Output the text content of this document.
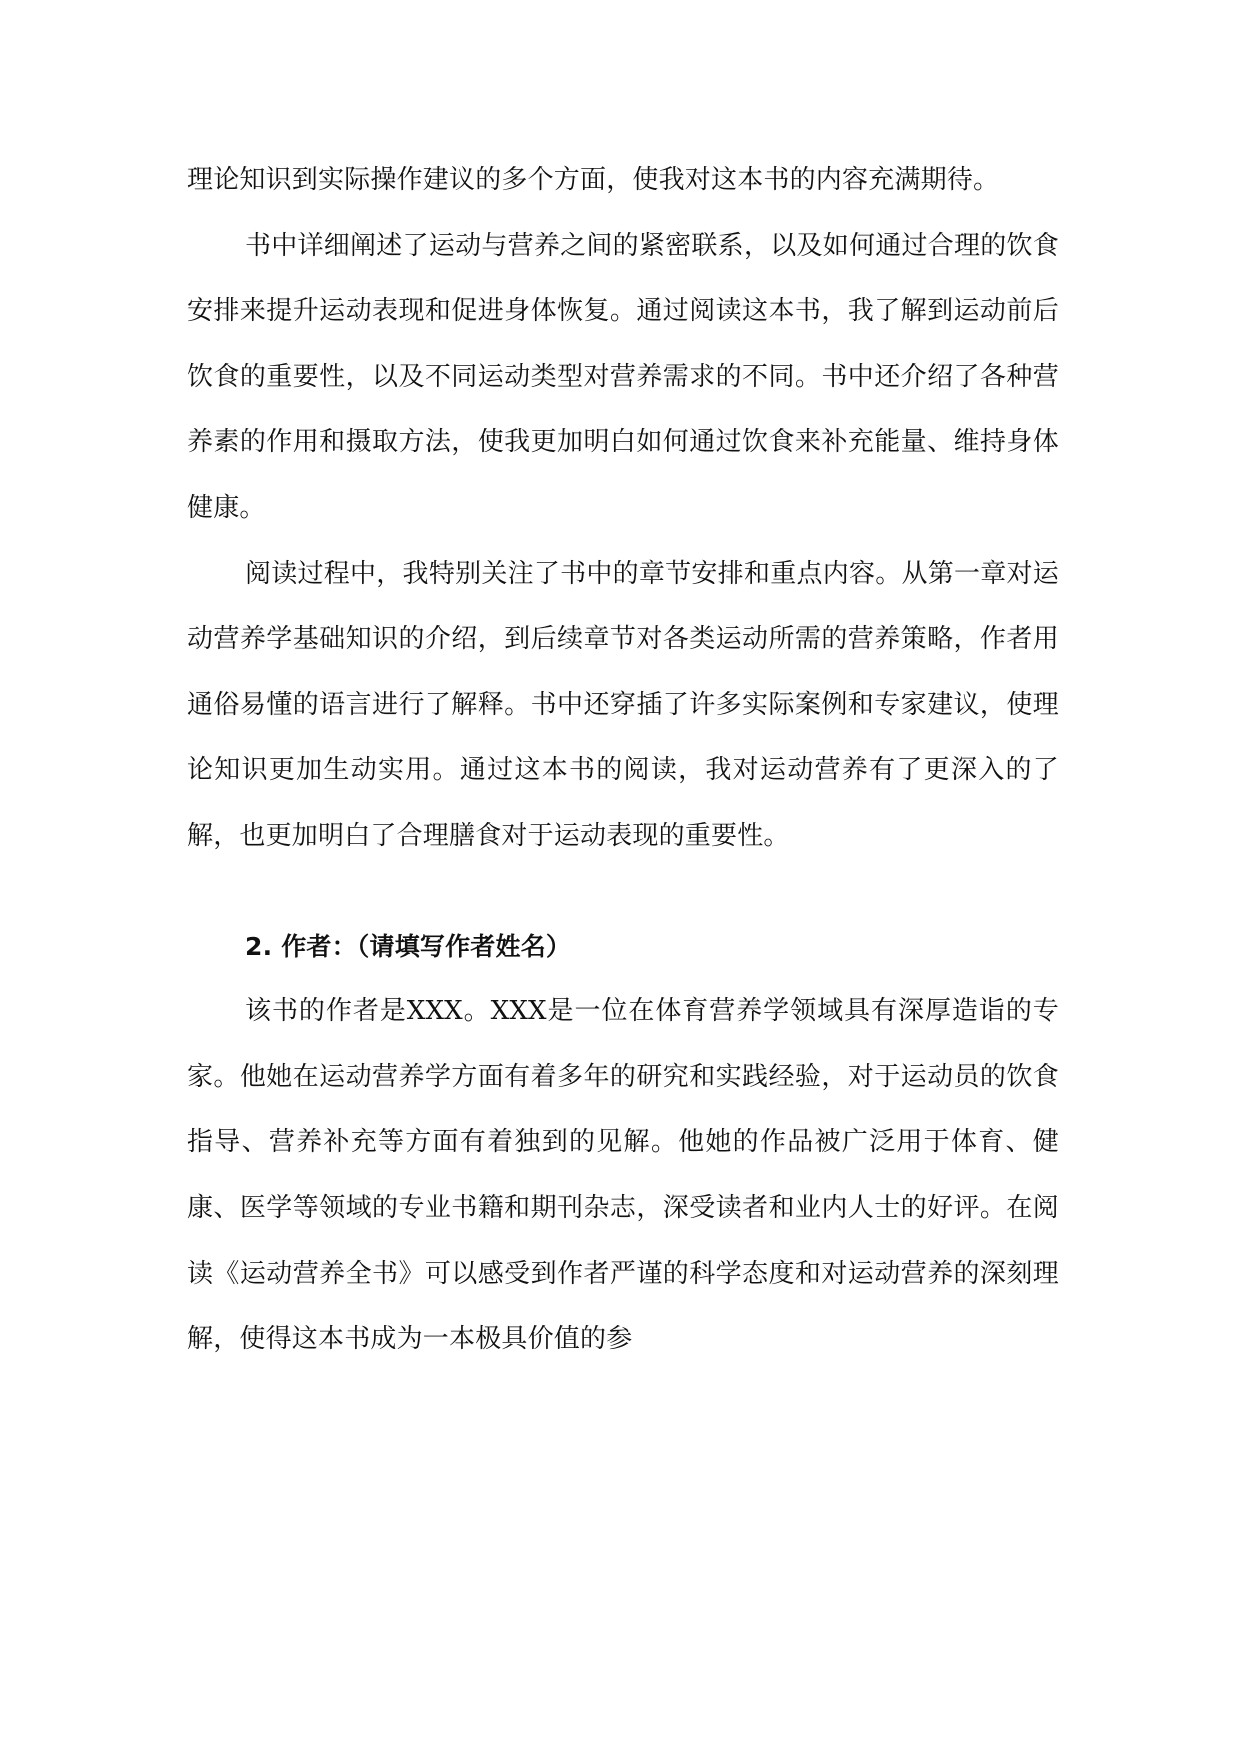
理论知识到实际操作建议的多个方面，使我对这本书的内容充满期待。

书中详细阐述了运动与营养之间的紧密联系，以及如何通过合理的饮食安排来提升运动表现和促进身体恢复。通过阅读这本书，我了解到运动前后饮食的重要性，以及不同运动类型对营养需求的不同。书中还介绍了各种营养素的作用和摄取方法，使我更加明白如何通过饮食来补充能量、维持身体健康。

阅读过程中，我特别关注了书中的章节安排和重点内容。从第一章对运动营养学基础知识的介绍，到后续章节对各类运动所需的营养策略，作者用通俗易懂的语言进行了解释。书中还穿插了许多实际案例和专家建议，使理论知识更加生动实用。通过这本书的阅读，我对运动营养有了更深入的了解，也更加明白了合理膳食对于运动表现的重要性。

2. 作者：（请填写作者姓名）

该书的作者是XXX。XXX是一位在体育营养学领域具有深厚造诣的专家。他她在运动营养学方面有着多年的研究和实践经验，对于运动员的饮食指导、营养补充等方面有着独到的见解。他她的作品被广泛用于体育、健康、医学等领域的专业书籍和期刊杂志，深受读者和业内人士的好评。在阅读《运动营养全书》可以感受到作者严谨的科学态度和对运动营养的深刻理解，使得这本书成为一本极具价值的参
